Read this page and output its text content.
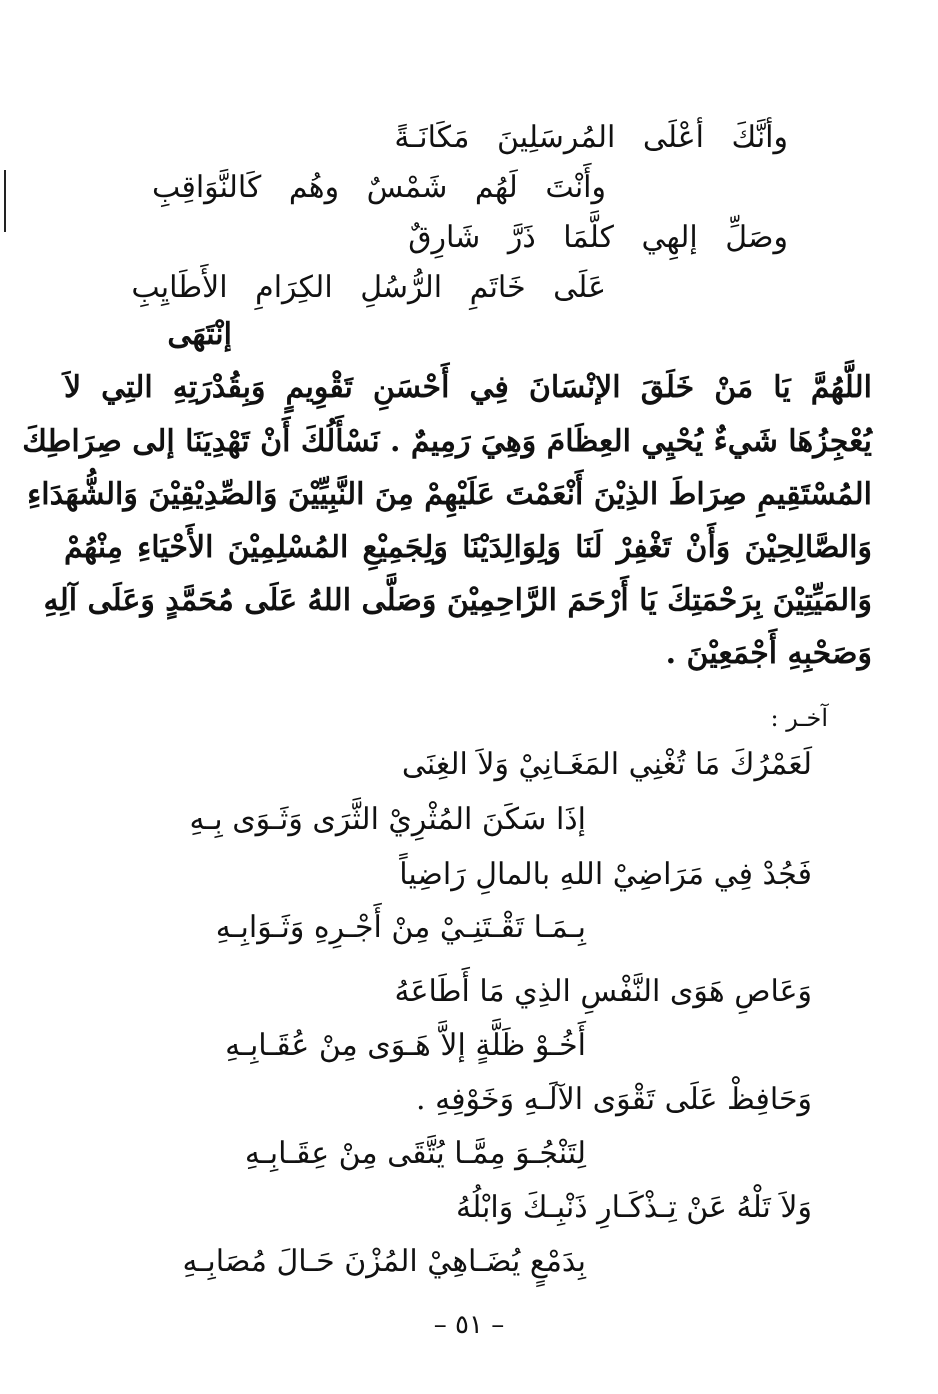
وأنَّكَ أعْلَى المُرسَلِينَ مَكَانَـةً
وأَنْتَ لَهُم شَمْسٌ وهُم كَالنَّوَاقِبِ
وصَلِّ إلهِي كلَّمَا ذَرَّ شَارِقٌ
عَلَى خَاتَمِ الرُّسُلِ الكِرَامِ الأَطَايِبِ
إنْتَهَى
اللَّهُمَّ يَا مَنْ خَلَقَ الإنْسَانَ فِي أَحْسَنِ تَقْوِيمٍ وَبِقُدْرَتِهِ التِي لاَ
يُعْجِزُهَا شَيءٌ يُحْيِي العِظَامَ وَهِيَ رَمِيمٌ . نَسْأَلُكَ أَنْ تَهْدِيَنَا إلى صِرَاطِكَ
المُسْتَقِيمِ صِرَاطَ الذِيْنَ أَنْعَمْتَ عَلَيْهِمْ مِنَ النَّبِيِّيْنَ وَالصِّدِيْقِيْنَ وَالشُّهَدَاءِ
وَالصَّالِحِيْنَ وَأَنْ تَغْفِرْ لَنَا وَلِوَالِدَيْنَا وَلِجَمِيْعِ المُسْلِمِيْنَ الأَحْيَاءِ مِنْهُمْ
وَالمَيِّتِيْنَ بِرَحْمَتِكَ يَا أَرْحَمَ الرَّاحِمِيْنَ وَصَلَّى اللهُ عَلَى مُحَمَّدٍ وَعَلَى آلِهِ
وَصَحْبِهِ أَجْمَعِيْنَ .
آخـر :
لَعَمْرُكَ مَا تُغْنِي المَغَـانِيْ وَلاَ الغِنَى
إذَا سَكَنَ المُثْرِيْ الثَّرَى وَثَـوَى بِـهِ
فَجُدْ فِي مَرَاضِيْ اللهِ بالمالِ رَاضِياً
بِـمَـا تَقْـتَنِـيْ مِنْ أَجْـرِهِ وَثَـوَابِـهِ
وَعَاصِ هَوَى النَّفْسِ الذِي مَا أَطَاعَهُ
أَخُـوْ ظَلَّةٍ إلاَّ هَـوَى مِنْ عُقَـابِـهِ
وَحَافِظْ عَلَى تَقْوَى الآلَـهِ وَخَوْفِهِ .
لِتَنْجُـوَ مِمَّـا يُتَّقَى مِنْ عِقَـابِـهِ
وَلاَ تَلْهُ عَنْ تِـذْكَـارِ ذَنْبِـكَ وَابْلُهُ
بِدَمْعٍ يُضَـاهِيْ المُزْنَ حَـالَ مُصَابِـهِ
– ٥١ –
